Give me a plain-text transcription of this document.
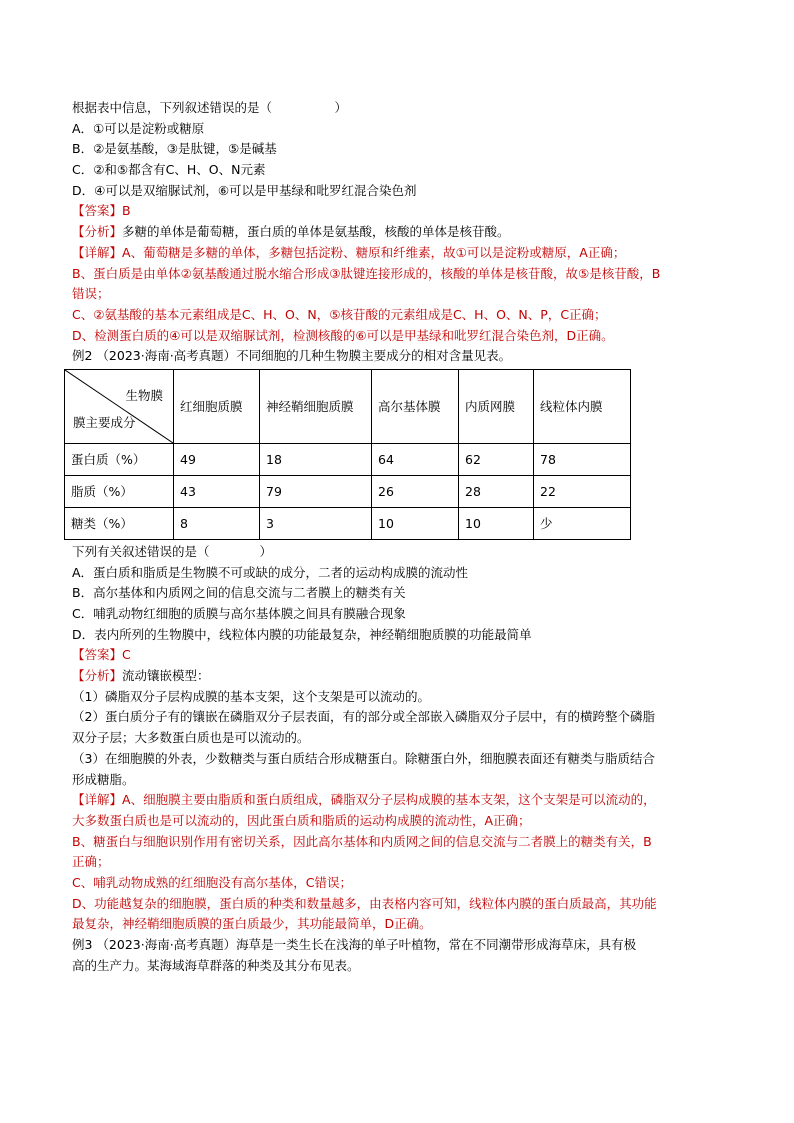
根据表中信息，下列叙述错误的是（　　　　　）
A．①可以是淀粉或糖原
B．②是氨基酸，③是肽键，⑤是碱基
C．②和⑤都含有C、H、O、N元素
D．④可以是双缩脲试剂，⑥可以是甲基绿和吡罗红混合染色剂
【答案】B
【分析】多糖的单体是葡萄糖，蛋白质的单体是氨基酸，核酸的单体是核苷酸。
【详解】A、葡萄糖是多糖的单体，多糖包括淀粉、糖原和纤维素，故①可以是淀粉或糖原，A正确；
B、蛋白质是由单体②氨基酸通过脱水缩合形成③肽键连接形成的，核酸的单体是核苷酸，故⑤是核苷酸，B
错误；
C、②氨基酸的基本元素组成是C、H、O、N，⑤核苷酸的元素组成是C、H、O、N、P，C正确；
D、检测蛋白质的④可以是双缩脲试剂，检测核酸的⑥可以是甲基绿和吡罗红混合染色剂，D正确。
例2 （2023·海南·高考真题）不同细胞的几种生物膜主要成分的相对含量见表。
生物膜
膜主要成分	红细胞质膜	神经鞘细胞质膜	高尔基体膜	内质网膜	线粒体内膜
蛋白质（%）	49	18	64	62	78
脂质（%）	43	79	26	28	22
糖类（%）	8	3	10	10	少
下列有关叙述错误的是（　　　　）
A．蛋白质和脂质是生物膜不可或缺的成分，二者的运动构成膜的流动性
B．高尔基体和内质网之间的信息交流与二者膜上的糖类有关
C．哺乳动物红细胞的质膜与高尔基体膜之间具有膜融合现象
D．表内所列的生物膜中，线粒体内膜的功能最复杂，神经鞘细胞质膜的功能最简单
【答案】C
【分析】流动镶嵌模型：
（1）磷脂双分子层构成膜的基本支架，这个支架是可以流动的。
（2）蛋白质分子有的镶嵌在磷脂双分子层表面，有的部分或全部嵌入磷脂双分子层中，有的横跨整个磷脂
双分子层；大多数蛋白质也是可以流动的。
（3）在细胞膜的外表，少数糖类与蛋白质结合形成糖蛋白。除糖蛋白外，细胞膜表面还有糖类与脂质结合
形成糖脂。
【详解】A、细胞膜主要由脂质和蛋白质组成，磷脂双分子层构成膜的基本支架，这个支架是可以流动的，
大多数蛋白质也是可以流动的，因此蛋白质和脂质的运动构成膜的流动性，A正确；
B、糖蛋白与细胞识别作用有密切关系，因此高尔基体和内质网之间的信息交流与二者膜上的糖类有关，B
正确；
C、哺乳动物成熟的红细胞没有高尔基体，C错误；
D、功能越复杂的细胞膜，蛋白质的种类和数量越多，由表格内容可知，线粒体内膜的蛋白质最高，其功能
最复杂，神经鞘细胞质膜的蛋白质最少，其功能最简单，D正确。
例3 （2023·海南·高考真题）海草是一类生长在浅海的单子叶植物，常在不同潮带形成海草床，具有极
高的生产力。某海域海草群落的种类及其分布见表。
